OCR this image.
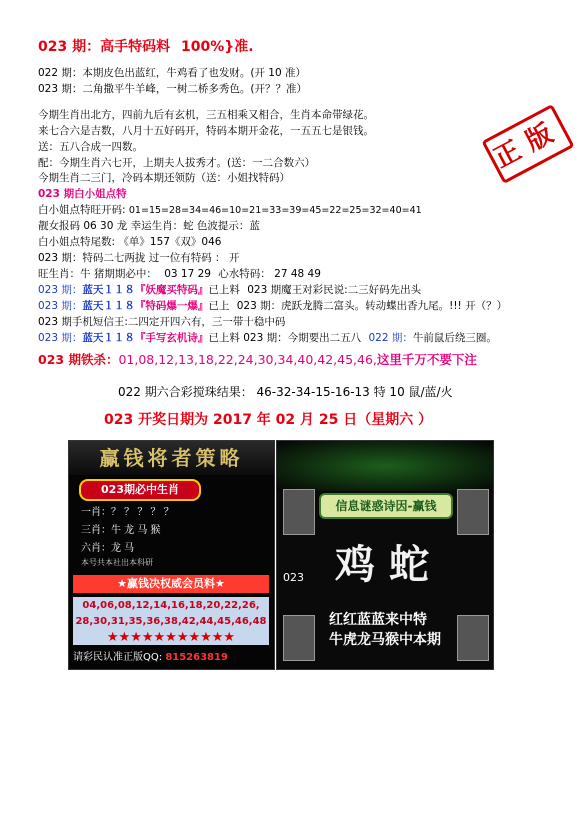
023 期：高手特码料 100%}准.
022 期：本期皮色出蓝红，牛鸡看了也发财。(开 10 准）
023 期：二角撒平牛羊峰，一树二桥多秀色。(开？？准）
今期生肖出北方，四前九后有玄机，三五相乘又相合，生肖本命带绿花。
来七合六是吉数，八月十五好码开，特码本期开金花，一五五七是银钱。
送：五八合成一四数。
配：今期生肖六七开，上期夫人拔秀才。(送：一二合数六）
今期生肖二三门，冷码本期还领防（送：小姐找特码）
正版
023 期白小姐点特
白小姐点特旺开码: 01=15=28=34=46=10=21=33=39=45=22=25=32=40=41
靓女报码 06 30 龙 幸运生肖：蛇 色波提示：蓝
白小姐点特尾数: 《单》157《双》046
023 期：特码二七两拢 过一位有特码 ： 开
旺生肖：牛 猪期期必中： 03 17 29 心水特码： 27 48 49
023 期：蓝天１１８『妖魔买特码』已上料 023 期魔王对彩民说:二三好码先出头
023 期：蓝天１１８『特码爆一爆』已上 023 期：虎跃龙腾二富头。转动蝶出香九尾。!!! 开（？）
023 期手机短信王:二四定开四六有，三一带十稳中码
023 期：蓝天１１８『手写玄机诗』已上料 023 期：今期要出二五八 022 期：牛前鼠后绕三圈。
023 期铁杀：01,08,12,13,18,22,24,30,34,40,42,45,46,这里千万不要下注
022 期六合彩搅珠结果： 46-32-34-15-16-13 特 10 鼠/蓝/火
023 开奖日期为 2017 年 02 月 25 日（星期六 ）
赢钱将者策略
023期必中生肖
一肖：？ ？ ？ ？ ？
三肖：牛 龙 马 猴
六肖：龙 马
本号共本社出本科研
★赢钱决权威会员料★
04,06,08,12,14,16,18,20,22,26,
28,30,31,35,36,38,42,44,45,46,48
★★★★★★★★★★★
请彩民认准正版QQ: 815263819
信息谜惑诗因-赢钱
鸡蛇
023
红红蓝蓝来中特
牛虎龙马猴中本期
